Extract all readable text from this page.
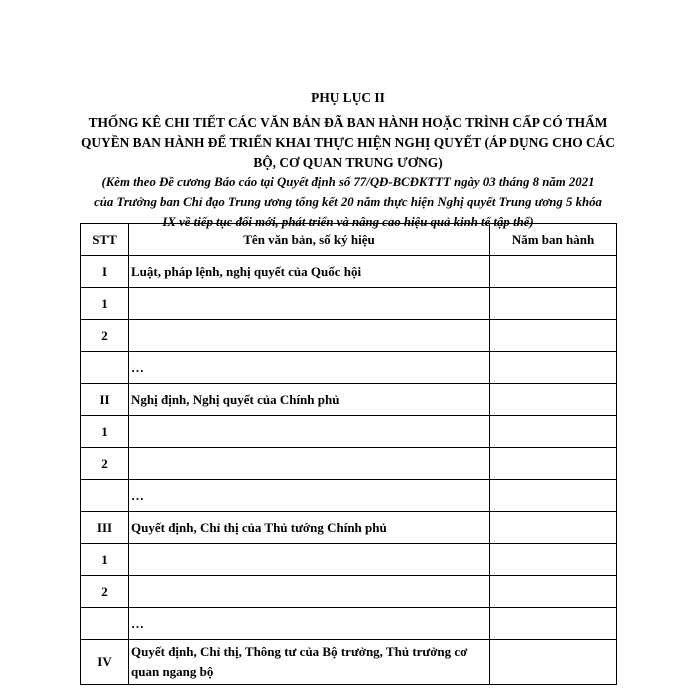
PHỤ LỤC II
THỐNG KÊ CHI TIẾT CÁC VĂN BẢN ĐÃ BAN HÀNH HOẶC TRÌNH CẤP CÓ THẨM
QUYỀN BAN HÀNH ĐỂ TRIỂN KHAI THỰC HIỆN NGHỊ QUYẾT (ÁP DỤNG CHO CÁC
BỘ, CƠ QUAN TRUNG ƯƠNG)
(Kèm theo Đề cương Báo cáo tại Quyết định số 77/QĐ-BCĐKTTT ngày 03 tháng 8 năm 2021
của Trưởng ban Chỉ đạo Trung ương tổng kết 20 năm thực hiện Nghị quyết Trung ương 5 khóa
IX về tiếp tục đổi mới, phát triển và nâng cao hiệu quả kinh tế tập thể)
STT	Tên văn bản, số ký hiệu	Năm ban hành
I	Luật, pháp lệnh, nghị quyết của Quốc hội	
1		
2		
	…	
II	Nghị định, Nghị quyết của Chính phủ	
1		
2		
	…	
III	Quyết định, Chỉ thị của Thủ tướng Chính phủ	
1		
2		
	…	
IV	Quyết định, Chỉ thị, Thông tư của Bộ trưởng, Thủ trưởng cơ quan ngang bộ	
